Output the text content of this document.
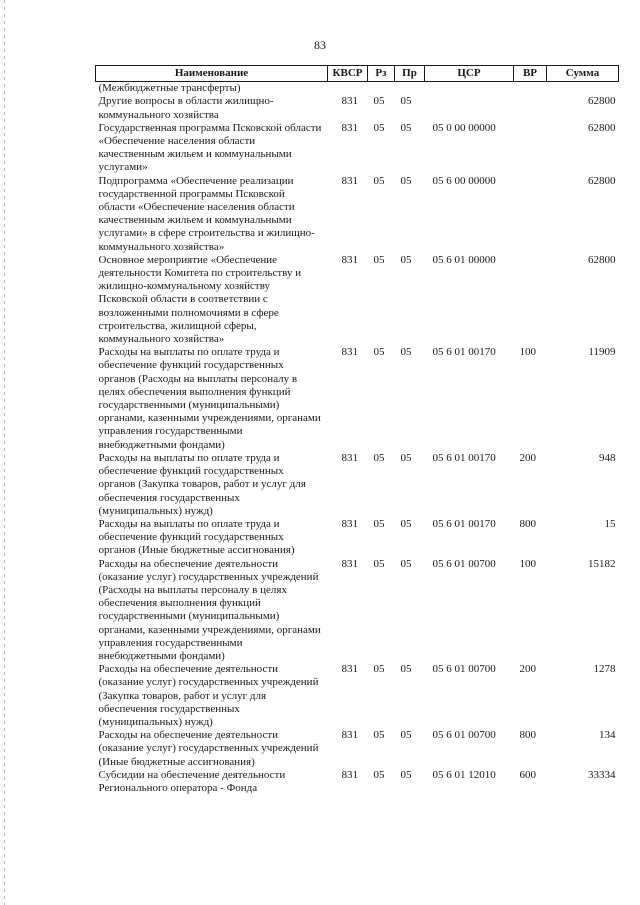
83
Наименование	КВСР	Рз	Пр	ЦСР	ВР	Сумма
(Межбюджетные трансферты)						
Другие вопросы в области жилищно-коммунального хозяйства	831	05	05			62800
Государственная программа Псковской области «Обеспечение населения области качественным жильем и коммунальными услугами»	831	05	05	05 0 00 00000		62800
Подпрограмма «Обеспечение реализации государственной программы Псковской области «Обеспечение населения области качественным жильем и коммунальными услугами» в сфере строительства и жилищно-коммунального хозяйства»	831	05	05	05 6 00 00000		62800
Основное мероприятие «Обеспечение деятельности Комитета по строительству и жилищно-коммунальному хозяйству Псковской области в соответствии с возложенными полномочиями в сфере строительства, жилищной сферы, коммунального хозяйства»	831	05	05	05 6 01 00000		62800
Расходы на выплаты по оплате труда и обеспечение функций государственных органов (Расходы на выплаты персоналу в целях обеспечения выполнения функций государственными (муниципальными) органами, казенными учреждениями, органами управления государственными внебюджетными фондами)	831	05	05	05 6 01 00170	100	11909
Расходы на выплаты по оплате труда и обеспечение функций государственных органов (Закупка товаров, работ и услуг для обеспечения государственных (муниципальных) нужд)	831	05	05	05 6 01 00170	200	948
Расходы на выплаты по оплате труда и обеспечение функций государственных органов (Иные бюджетные ассигнования)	831	05	05	05 6 01 00170	800	15
Расходы на обеспечение деятельности (оказание услуг) государственных учреждений (Расходы на выплаты персоналу в целях обеспечения выполнения функций государственными (муниципальными) органами, казенными учреждениями, органами управления государственными внебюджетными фондами)	831	05	05	05 6 01 00700	100	15182
Расходы на обеспечение деятельности (оказание услуг) государственных учреждений (Закупка товаров, работ и услуг для обеспечения государственных (муниципальных) нужд)	831	05	05	05 6 01 00700	200	1278
Расходы на обеспечение деятельности (оказание услуг) государственных учреждений (Иные бюджетные ассигнования)	831	05	05	05 6 01 00700	800	134
Субсидии на обеспечение деятельности Регионального оператора - Фонда	831	05	05	05 6 01 12010	600	33334
